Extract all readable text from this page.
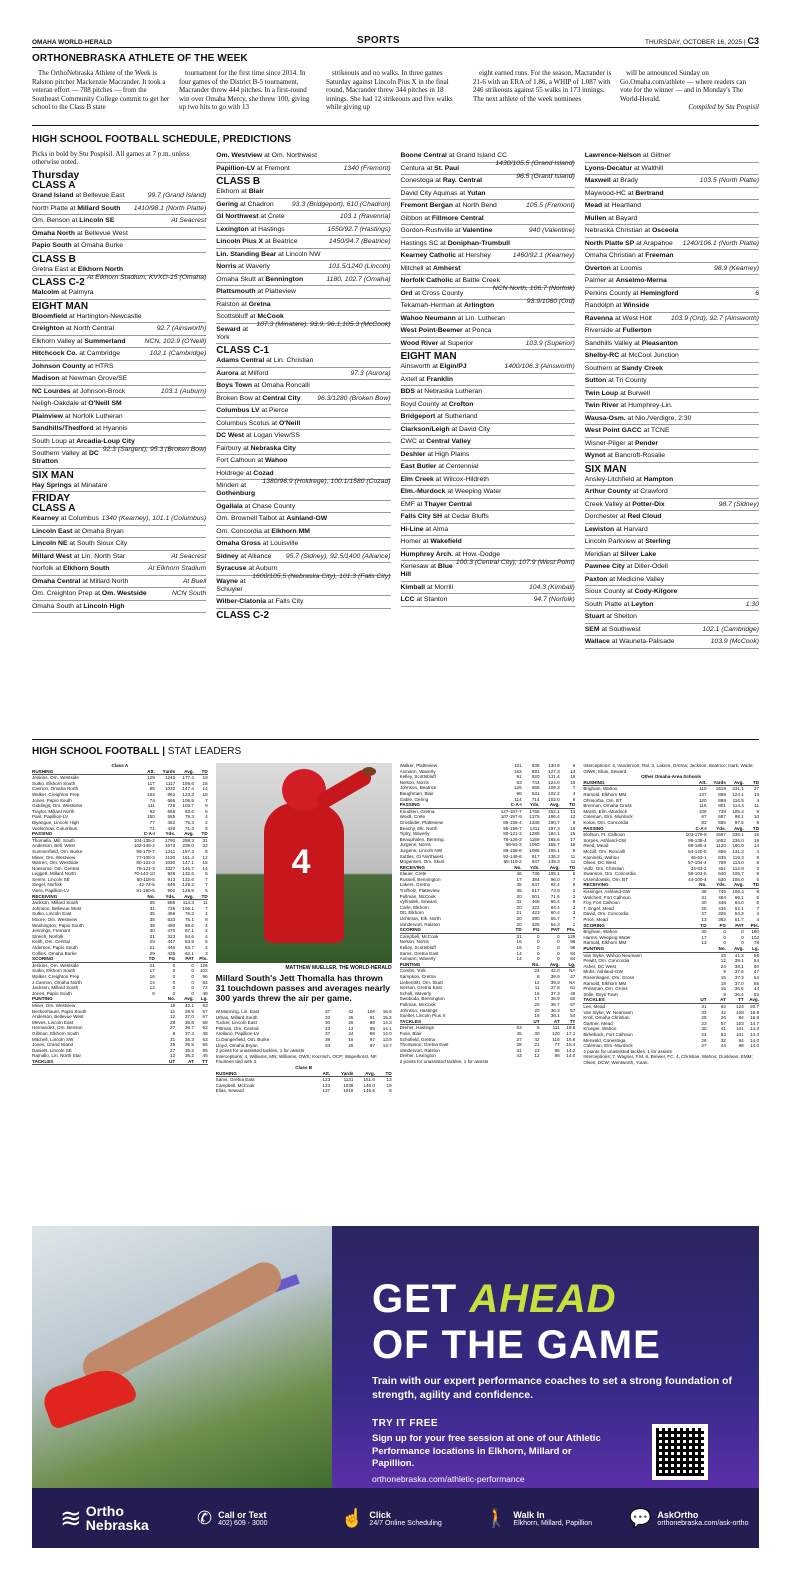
OMAHA WORLD-HERALD	SPORTS	THURSDAY, OCTOBER 16, 2025 | C3
ORTHONEBRASKA ATHLETE OF THE WEEK

The OrthoNebraska Athlete of the Week is Ralston pitcher Mackenzie Macrander. It took a veteran effort — 788 pitches — from the Southeast Community College commit to get her school to the Class B state

tournament for the first time since 2014. In four games of the District B-5 tournament, Macrander threw 444 pitches. In a first-round win over Omaha Mercy, she threw 100, giving up two hits to go with 13

strikeouts and no walks. In three games Saturday against Lincoln Pius X in the final round, Macrander threw 344 pitches in 18 innings. She had 12 strikeouts and five walks while giving up

eight earned runs. For the season, Macrander is 21-6 with an ERA of 1.86, a WHIP of 1.087 with 246 strikeouts against 55 walks in 173 innings. The next athlete of the week nominees

will be announced Sunday on Go.Omaha.com/athlete — where readers can vote for the winner — and in Monday's The World-Herald.

Compiled by Stu Pospisil

HIGH SCHOOL FOOTBALL SCHEDULE, PREDICTIONS
Picks in bold by Stu Pospisil. All games at 7 p.m. unless otherwise noted.
Thursday
CLASS A
Grand Island at Bellevue East	99.7 (Grand Island)
North Platte at Millard South 1410/98.1 (North Platte)
Om. Benson at Lincoln SE	At Seacrest
Omaha North at Bellevue West
Papio South at Omaha Burke
CLASS B
Gretna East at Elkhorn North
At Elkhorn Stadium, KVXO-15 (Omaha)
CLASS C-2
Malcolm at Palmyra
EIGHT MAN
Bloomfield at Hartington-Newcastle
Creighton at North Central	92.7 (Ainsworth)
Elkhorn Valley at Summerland	NCN, 102.9 (O'Neill)
Hitchcock Co. at Cambridge	102.1 (Cambridge)
Johnson County at HTRS
Madison at Newman Grove/SE
NC Lourdes at Johnson-Brock	103.1 (Auburn)
Neligh-Oakdale at O'Neill SM
Plainview at Norfolk Lutheran
Sandhills/Thedford at Hyannis
South Loup at Arcadia-Loup City
92.3 (Sargent), 95.3 (Broken Bow)
Southern Valley at DC Stratton
SIX MAN
Hay Springs at Minatare
FRIDAY
CLASS A
Kearney at Columbus 1340 (Kearney), 101.1 (Columbus)
Lincoln East at Omaha Bryan
Lincoln NE at South Sioux City
Millard West at Lin. North Star	At Seacrest
Norfolk at Elkhorn South	At Elkhorn Stadium
Omaha Central at Millard North	At Buell
Om. Creighton Prep at Om. Westside	NCN South
Omaha South at Lincoln High
Om. Westview at Om. Northwest
Papillion-LV at Fremont	1340 (Fremont)
CLASS B
Elkhorn at Blair
Gering at Chadron	93.3 (Bridgeport), 610 (Chadron)
GI Northwest at Crete	103.1 (Ravenna)
Lexington at Hastings	1550/92.7 (Hastings)
Lincoln Pius X at Beatrice	1450/94.7 (Beatrice)
Lin. Standing Bear at Lincoln NW
Norris at Waverly	101.5/1240 (Lincoln)
Omaha Skutt at Bennington	1180, 102.7 (Omaha)
Plattsmouth at Platteview
Ralston at Gretna
Scottsbluff at McCook
107.3 (Minatare), 93.9, 96.1,105.3 (McCook)
Seward at York
CLASS C-1
Adams Central at Lin. Christian
Aurora at Milford	97.3 (Aurora)
Boys Town at Omaha Roncalli
Broken Bow at Central City 96.3/1280 (Broken Bow)
Columbus LV at Pierce
Columbus Scotus at O'Neill
DC West at Logan View/SS
Fairbury at Nebraska City
Fort Calhoun at Wahoo
Holdrege at Cozad
1380/96.9 (Holdrege), 100.1/1580 (Cozad)
Minden at Gothenburg
Ogallala at Chase County
Om. Brownell Talbot at Ashland-GW
Om. Concordia at Elkhorn MM
Omaha Gross at Louisville
Sidney at Alliance 95.7 (Sidney), 92.5/1400 (Alliance)
Syracuse at Auburn
1600/105.5 (Nebraska City), 101.3 (Falls City)
Wayne at Schuyler
Wilber-Clatonia at Falls City
CLASS C-2
Boone Central at Grand Island CC
1430/105.5 (Grand Island)
Centura at St. Paul
96.5 (Grand Island)
Conestoga at Ray. Central
David City Aquinas at Yutan
Fremont Bergan at North Bend	105.5 (Fremont)
Gibbon at Fillmore Central
Gordon-Rushville at Valentine	940 (Valentine)
Hastings SC at Doniphan-Trumbull
Kearney Catholic at Hershey	1460/92.1 (Kearney)
Mitchell at Amherst
Norfolk Catholic at Battle Creek
NCN North, 106.7 (Norfolk)
Ord at Cross County
93.9/1060 (Ord)
Tekamah-Herman at Arlington
Wahoo Neumann at Lin. Lutheran
West Point-Beemer at Ponca
Wood River at Superior	103.9 (Superior)
EIGHT MAN
Ainsworth at Elgin/PJ	1400/106.3 (Ainsworth)
Axtell at Franklin
BDS at Nebraska Lutheran
Boyd County at Crofton
Bridgeport at Sutherland
Clarkson/Leigh at David City
CWC at Central Valley
Deshler at High Plains
East Butler at Centennial
Elm Creek at Wilcox-Hildreth
Elm.-Murdock at Weeping Water
EMF at Thayer Central
Falls City SH at Cedar Bluffs
Hi-Line at Alma
Homer at Wakefield
Humphrey Arch. at How.-Dodge
100.3 (Central City), 107.9 (West Point)
Kenesaw at Blue Hill
Kimball at Morrill	104.3 (Kimball)
LCC at Stanton	94.7 (Norfolk)
Lawrence-Nelson at Giltner
Lyons-Decatur at Walthill
Maxwell at Brady	103.5 (North Platte)
Maywood-HC at Bertrand
Mead at Heartland
Mullen at Bayard
Nebraska Christian at Osceola
North Platte SP at Arapahoe 1240/106.1 (North Platte)
Omaha Christian at Freeman
Overton at Loomis	98.9 (Kearney)
Palmer at Anselmo-Merna
Perkins County at Hemingford	6
Randolph at Winside
Ravenna at West Holt	103.9 (Ord), 92.7 (Ainsworth)
Riverside at Fullerton
Sandhills Valley at Pleasanton
Shelby-RC at McCool Junction
Southern at Sandy Creek
Sutton at Tri County
Twin Loup at Burwell
Twin River at Humphrey-Lin.
Wausa-Osm. at Nio./Verdigre, 2:30
West Point GACC at TCNE
Wisner-Pilger at Pender
Wynot at Bancroft-Rosalie
SIX MAN
Ansley-Litchfield at Hampton
Arthur County at Crawford
Creek Valley at Potter-Dix	98.7 (Sidney)
Dorchester at Red Cloud
Lewiston at Harvard
Lincoln Parkview at Sterling
Meridian at Silver Lake
Pawnee City at Diller-Odell
Paxton at Medicine Valley
Sioux County at Cody-Kilgore
South Platte at Leyton	1:30
Stuart at Shelton
SEM at Southwest	102.1 (Cambridge)
Wallace at Wauneta-Palisade	103.9 (McCook)
HIGH SCHOOL FOOTBALL | STAT LEADERS
Class A				
RUSHING	Att.	Yards	Avg.	TD
Jenkins, Om. Westside	129	1242	177.4	18
Sutko, Elkhorn South	117	1117	159.6	16
Cannon, Omaha North	95	1032	147.4	14
Walker, Creighton Prep	164	863	123.3	16
Jones, Papio South	74	666	106.5	7
Giddings, Om. Westview	111	726	103.7	9
Traylor, Millard North	92	655	93.6	6
Pant, Papillion-LV	150	555	79.3	4
Biyangue, Lincoln High	77	452	75.3	2
Voelschow, Columbus	71	428	71.3	6
PASSING	C-A-I	Yds.	Avg.	TD
Thomalla, Mill. South	104-135-2	1790	298.3	31
Anderson, Bell. West	102-148-2	1673	239.0	22
Summerfield, Om. Burke	99-179-7	1311	187.3	8
Miner, Om. Westview	77-108-3	1130	161.4	12
Warren, Om. Westside	80-122-3	1030	147.1	15
Noesome, Om. Central	78-121-3	1027	146.7	14
Leggett, Millard North	70-143-10	928	132.6	6
Semm, Lincoln SE	60-118-5	913	132.6	7
Siegel, Norfolk	42-74-6	646	129.2	7
Viera, Papillion-LV	81-160-5	902	128.9	5
RECEIVING	No.	Yds.	Avg.	TD
Jackson, Millard South	35	585	114.3	11
Johnson, Bellevue West	31	736	105.1	7
Sutko, Lincoln East	35	459	76.3	4
Moore, Om. Westview	35	533	76.1	8
Washington, Papio South	39	480	68.6	4
Jennings, Fremont	30	470	67.1	4
Streich, Norfolk	31	323	64.6	4
Keith, Om. Central	29	447	63.9	5
Alderson, Papio South	21	446	63.7	4
Collins, Omaha Burke	29	435	62.1	3
SCORING	TD	FG	PAT	Pts.
Jenkins, Om. Westside	21	0	0	126
Sutko, Elkhorn South	17	0	0	102
Walker, Creighton Prep	16	0	0	96
J.Cannon, Omaha North	14	0	0	84
Jackson, Millard South	12	0	0	72
Jones, Papio South	8	0	0	48
PUNTING		No.	Avg.	Lg.
Miner, Om. Westview		15	42.1	63
Beckenhauer, Papio South		11	39.9	57
Anderson, Bellevue West		12	37.0	67
Meves, Lincoln East		28	36.8	68
Hernandez, Om. Benson		27	36.7	62
Gillman, Elkhorn South		8	37.4	48
Mitchell, Lincoln SW		31	36.3	63
Jones, Grand Island		25	35.5	65
Daniels, Lincoln SE		27	35.2	55
Ramallo, Lin. North Star		12	35.2	45
TACKLES		UT	AT	TT
4
MATTHEW MUELLER, THE WORLD-HERALD
Millard South's Jett Thomalla has thrown 31 touchdown passes and averages nearly 300 yards threw the air per game.
W.Manning, Lin. East	37	42	106	16.6
Urban, Millard South	33	25	91	15.2
Tucker, Lincoln East	30	26	86	14.3
Pittman, Om. Central	43	13	99	14.1
Arellano, Papillion-LV	37	24	98	14.0
Ci.Dangerfield, Om. Burke	39	19	97	13.9
Lloyd, Omaha Bryan	34	29	97	13.7
2 points for unassisted tackles, 1 for assists				
Interceptions: 4, Williams, MN; Williams, OWS; Kocmich, OCP; Wapelhorst, NF. Fourteen tied with 3.				
Class B				
RUSHING	Att.	Yards	Avg.	TD
Sams, Gretna East	123	1131	161.6	13
Campbell, McCook	123	1036	148.0	19
Elias, Seward	137	1019	145.6	8
Walker, Platteview	131	936	130.9	8
Axmann, Waverly	153	891	127.3	13
Kelley, Scottsbluff	91	920	131.4	16
Nelson, Norris	83	744	124.0	16
Johnson, Beatrice	126	656	109.3	7
Baughman, Blair	98	531	102.2	4
Gable, Gering	114	714	102.0	6
PASSING	C-A-I	Yds.	Avg.	TD
Knudsen, Gretna	127-187-7	1765	252.1	13
Woidt, Crete	107-197-9	1375	196.4	12
Grosbider, Platteview	85-155-4	1335	190.7	9
Beachy, Elk. North	95-159-7	1311	187.3	19
Tiplry, Waverly	80-121-2	1289	184.1	15
Beauphaleo, Benning.	76-126-3	1159	165.6	17
Jurgens, Norris	66-93-3	1090	155.7	16
Jurgens, Lincoln NW	89-158-8	1086	155.1	6
Suttles, GI Northwest	92-149-6	817	136.2	11
Mogensen, Om. Skutt	65-116-2	947	135.3	11
RECEIVING	No.	Yds.	Avg.	TD
Slauer, Crete	46	736	105.1	5
Russell, Bennington	17	384	96.0	7
Lakers, Gretna	35	647	92.4	8
Trofholz, Platteview	35	517	73.9	2
Pullman, McCook	20	501	71.6	3
Vyhnalek, Seward	32	465	66.4	8
Carle, Elkhorn	20	322	64.4	3
Ott, Elkhorn	21	423	60.4	3
Uchtman, Elk. North	20	390	55.7	7
Vandervort, Ralston	20	326	54.3	1
SCORING	TD	FG	PAT	Pts.
Campbell, McCook	21	0	0	126
Nelson, Norris	16	0	0	96
Kelley, Scottsbluff	16	0	0	96
Sams, Gretna East	14	0	0	84
Axmann, Waverly	14	0	0	84
PUNTING		No.	Avg.	Lg.
Combs, York		24	42.0	NA
Sampson, Gretna		8	39.9	47
Liebentritt, Om. Skutt		12	39.3	NA
Iverson, Gretna East		11	37.8	61
Scholl, Waverly		16	37.3	49
Swoboda, Bennington		17	36.9	50
Pullman, McCook		20	36.7	57
Johnson, Hastings		20	36.3	57
Sueltel, Lincoln Pius X		18	36.1	54
TACKLES		UT	AT	TT
Dreher, Hastings	53	5	111	18.5
Fuse, Blair	45	30	120	17.1
Schofield, Gretna	37	42	116	16.6
Thompson, Gretna East	28	21	77	15.4
Vandervort, Ralston	31	23	85	14.2
Dreher, Lexington	43	12	98	14.0
2 points for unassisted tackles, 1 for assists				
Interceptions: 4, Vandervort, Ral. 3, Lakers, Gretna; Jackson, Beatrice; Hark, Wade; GIWK; Elias, Seward.				
Other Omaha-Area Schools				
RUSHING	Att.	Yards	Avg.	TD
Brigham, Wahoo	110	1618	231.1	27
Ramold, Elkhorn MM	137	869	124.1	13
Ohnsorba, Om. BT	120	699	116.5	4
Brennan, Omaha Gross	116	801	114.4	11
Marsh, Elm.-Murdock	109	738	105.4	9
Coleman, Elm.-Murdock	67	687	98.1	10
Kolus, Om. Concordia	83	585	97.5	6
PASSING	C-A-I	Yds.	Avg.	TD
Elofson, Ft. Calhoun	103-179-9	1667	238.1	16
Sorpes, Ashland-GW	99-139-4	1652	236.0	19
Reed, Mead	89-185-4	1120	160.0	14
McGill, Om. Roncalli	64-120-5	656	131.2	4
Kaminski, Wahoo	46-63-1	835	119.3	8
Olsen, DC West	57-104-4	798	114.0	6
Vidlz, Om. Christian	34-63-2	451	112.8	3
Swanson, Om. Concordia	59-103-5	640	106.7	9
Urzendowski, Om. BT	44-100-4	630	105.0	5
RECEIVING	No.	Yds.	Avg.	TD
Kissinger, Ashland-GW	38	745	106.4	8
Wolchert, Fort Calhoun	31	484	69.1	5
Foy, Fort Calhoun	30	448	64.0	6
T. Engel, Mead	25	435	62.1	7
David, Om. Concordia	27	326	54.3	4
Price, Mead	13	362	51.7	4
SCORING	TD	FG	PAT	Pts.
Brigham, Wahoo	30	0	0	180
Harms, Weeping Water	17	0	0	102
Ramold, Elkhorn MM	13	0	0	78
PUNTING		No.	Avg.	Lg.
Van Slyke, Wahoo Neumann		15	41.3	56
Pewitt, Om. Concordia		12	39.1	54
Asher, DC West		24	38.1	60
Muhs, Ashland-GW		9	37.6	47
Rosenhagen, Om. Gross		15	37.3	54
Ramold, Elkhorn MM		18	37.0	58
Preisman, Om. Gross		15	36.5	44
Stille, Boys Town		8	36.4	52
TACKLES	UT	AT	TT	Avg.
Lee, Mead	31	62	124	20.7
Van Slyke, W. Neumann	33	42	108	16.9
Kroll, Omaha Christian	29	26	84	16.8
Gartner, Mead	23	57	103	14.7
Krueger, Wahoo	30	41	101	14.3
Birkeback, Fort Calhoun	24	53	101	14.3
Merwald, Conestoga	26	32	84	14.0
Coleman, Elm.-Murdock	27	44	98	14.0
2 points for unassisted tackles, 1 for assists				
Interceptions: 7, Wagner, F.M. 6, Brewer, FC. 4, Christian, Wahoo; Dunklean, EMM; Olsen, DCW; Wentworth, Yutan.				
GET AHEAD
OF THE GAME
Train with our expert performance coaches to set a strong foundation of strength, agility and confidence.
TRY IT FREE
Sign up for your free session at one of our Athletic Performance locations in Elkhorn, Millard or Papillion.
orthonebraska.com/athletic-performance
≋ Ortho
Nebraska	✆ Call or Text
402) 609 - 3000	☝ Click
24/7 Online Scheduling 🚶 Walk In
Elkhorn, Millard, Papillion 💬 AskOrtho
orthonebraska.com/ask-ortho
